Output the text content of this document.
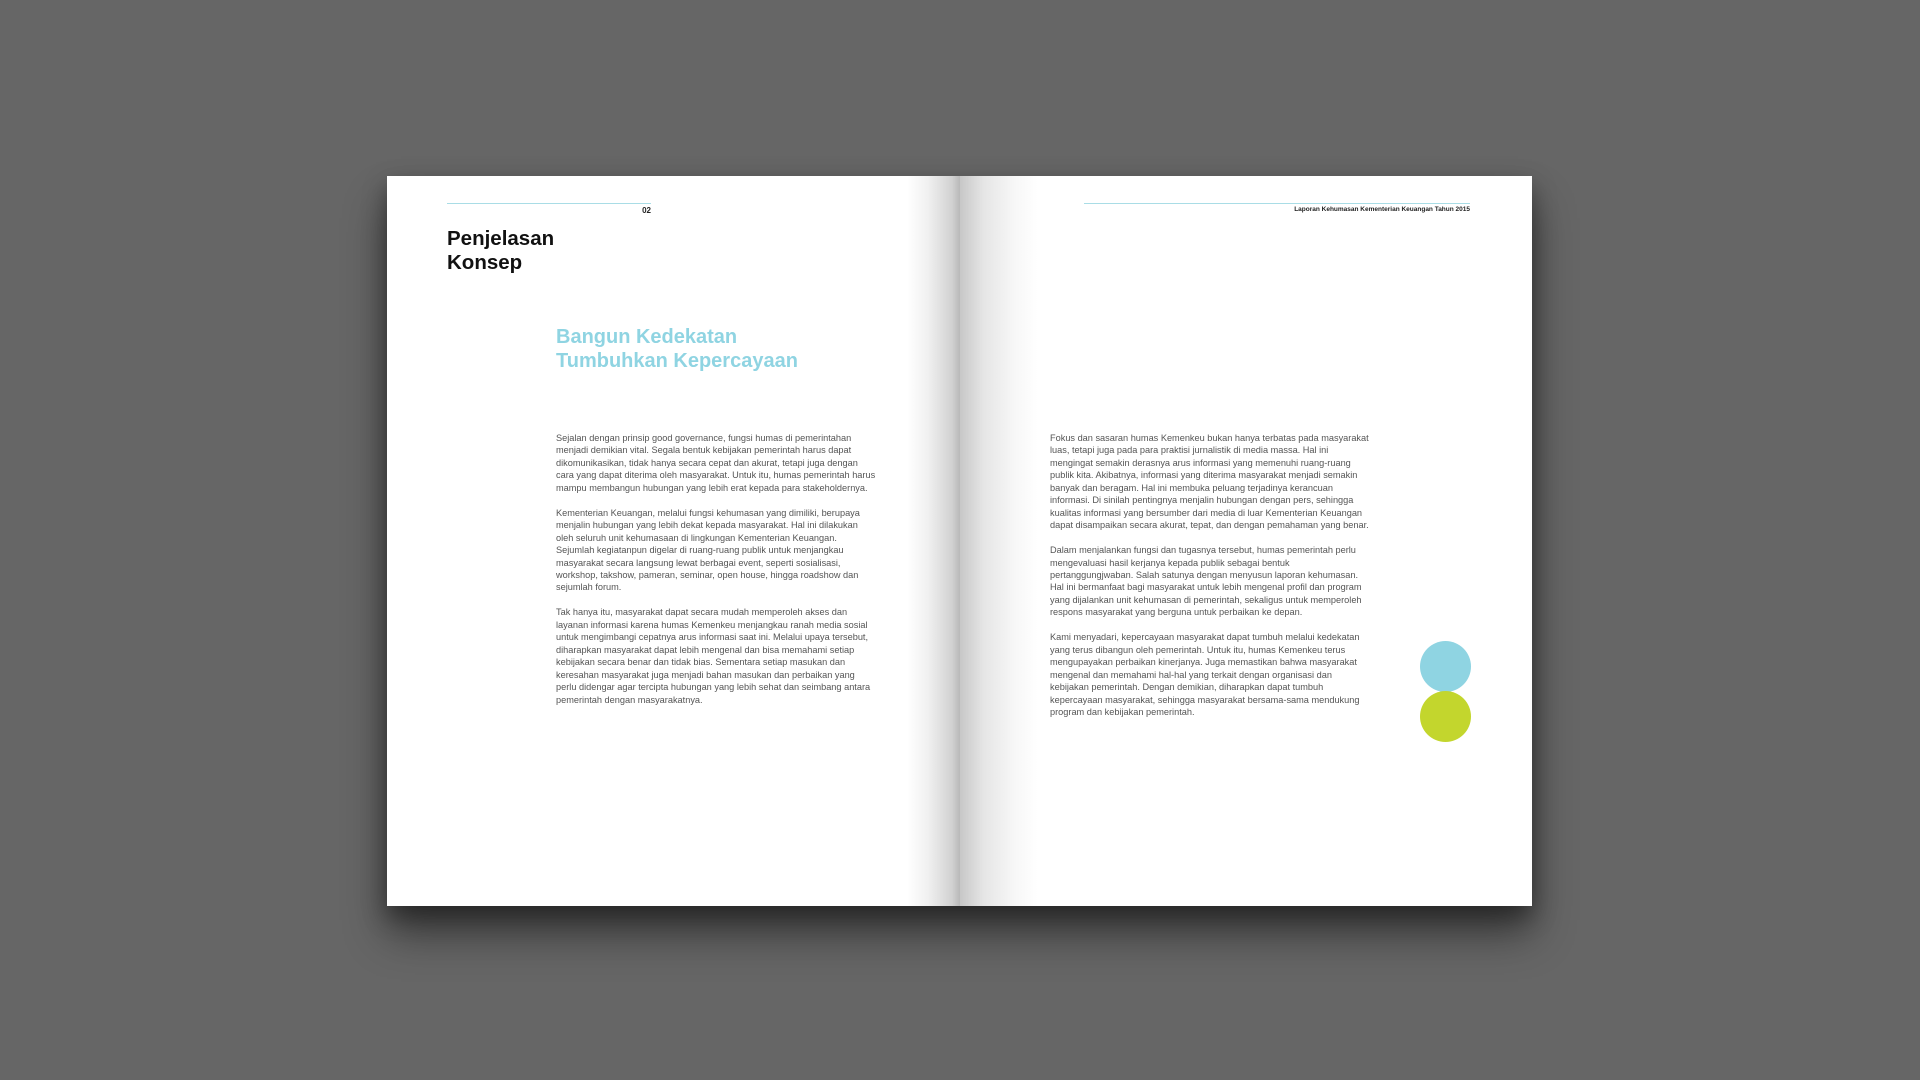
02
Penjelasan
Konsep
Bangun Kedekatan
Tumbuhkan Kepercayaan

Sejalan dengan prinsip good governance, fungsi humas di pemerintahan menjadi demikian vital. Segala bentuk kebijakan pemerintah harus dapat dikomunikasikan, tidak hanya secara cepat dan akurat, tetapi juga dengan cara yang dapat diterima oleh masyarakat. Untuk itu, humas pemerintah harus mampu membangun hubungan yang lebih erat kepada para stakeholdernya.

Kementerian Keuangan, melalui fungsi kehumasan yang dimiliki, berupaya menjalin hubungan yang lebih dekat kepada masyarakat. Hal ini dilakukan oleh seluruh unit kehumasaan di lingkungan Kementerian Keuangan. Sejumlah kegiatanpun digelar di ruang-ruang publik untuk menjangkau masyarakat secara langsung lewat berbagai event, seperti sosialisasi, workshop, takshow, pameran, seminar, open house, hingga roadshow dan sejumlah forum.

Tak hanya itu, masyarakat dapat secara mudah memperoleh akses dan layanan informasi karena humas Kemenkeu menjangkau ranah media sosial untuk mengimbangi cepatnya arus informasi saat ini. Melalui upaya tersebut, diharapkan masyarakat dapat lebih mengenal dan bisa memahami setiap kebijakan secara benar dan tidak bias. Sementara setiap masukan dan keresahan masyarakat juga menjadi bahan masukan dan perbaikan yang perlu didengar agar tercipta hubungan yang lebih sehat dan seimbang antara pemerintah dengan masyarakatnya.

Laporan Kehumasan Kementerian Keuangan Tahun 2015

Fokus dan sasaran humas Kemenkeu bukan hanya terbatas pada masyarakat luas, tetapi juga pada para praktisi jurnalistik di media massa. Hal ini mengingat semakin derasnya arus informasi yang memenuhi ruang-ruang publik kita. Akibatnya, informasi yang diterima masyarakat menjadi semakin banyak dan beragam. Hal ini membuka peluang terjadinya kerancuan informasi. Di sinilah pentingnya menjalin hubungan dengan pers, sehingga kualitas informasi yang bersumber dari media di luar Kementerian Keuangan dapat disampaikan secara akurat, tepat, dan dengan pemahaman yang benar.

Dalam menjalankan fungsi dan tugasnya tersebut, humas pemerintah perlu mengevaluasi hasil kerjanya kepada publik sebagai bentuk pertanggungjwaban. Salah satunya dengan menyusun laporan kehumasan. Hal ini bermanfaat bagi masyarakat untuk lebih mengenal profil dan program yang dijalankan unit kehumasan di pemerintah, sekaligus untuk memperoleh respons masyarakat yang berguna untuk perbaikan ke depan.

Kami menyadari, kepercayaan masyarakat dapat tumbuh melalui kedekatan yang terus dibangun oleh pemerintah. Untuk itu, humas Kemenkeu terus mengupayakan perbaikan kinerjanya. Juga memastikan bahwa masyarakat mengenal dan memahami hal-hal yang terkait dengan organisasi dan kebijakan pemerintah. Dengan demikian, diharapkan dapat tumbuh kepercayaan masyarakat, sehingga masyarakat bersama-sama mendukung program dan kebijakan pemerintah.
